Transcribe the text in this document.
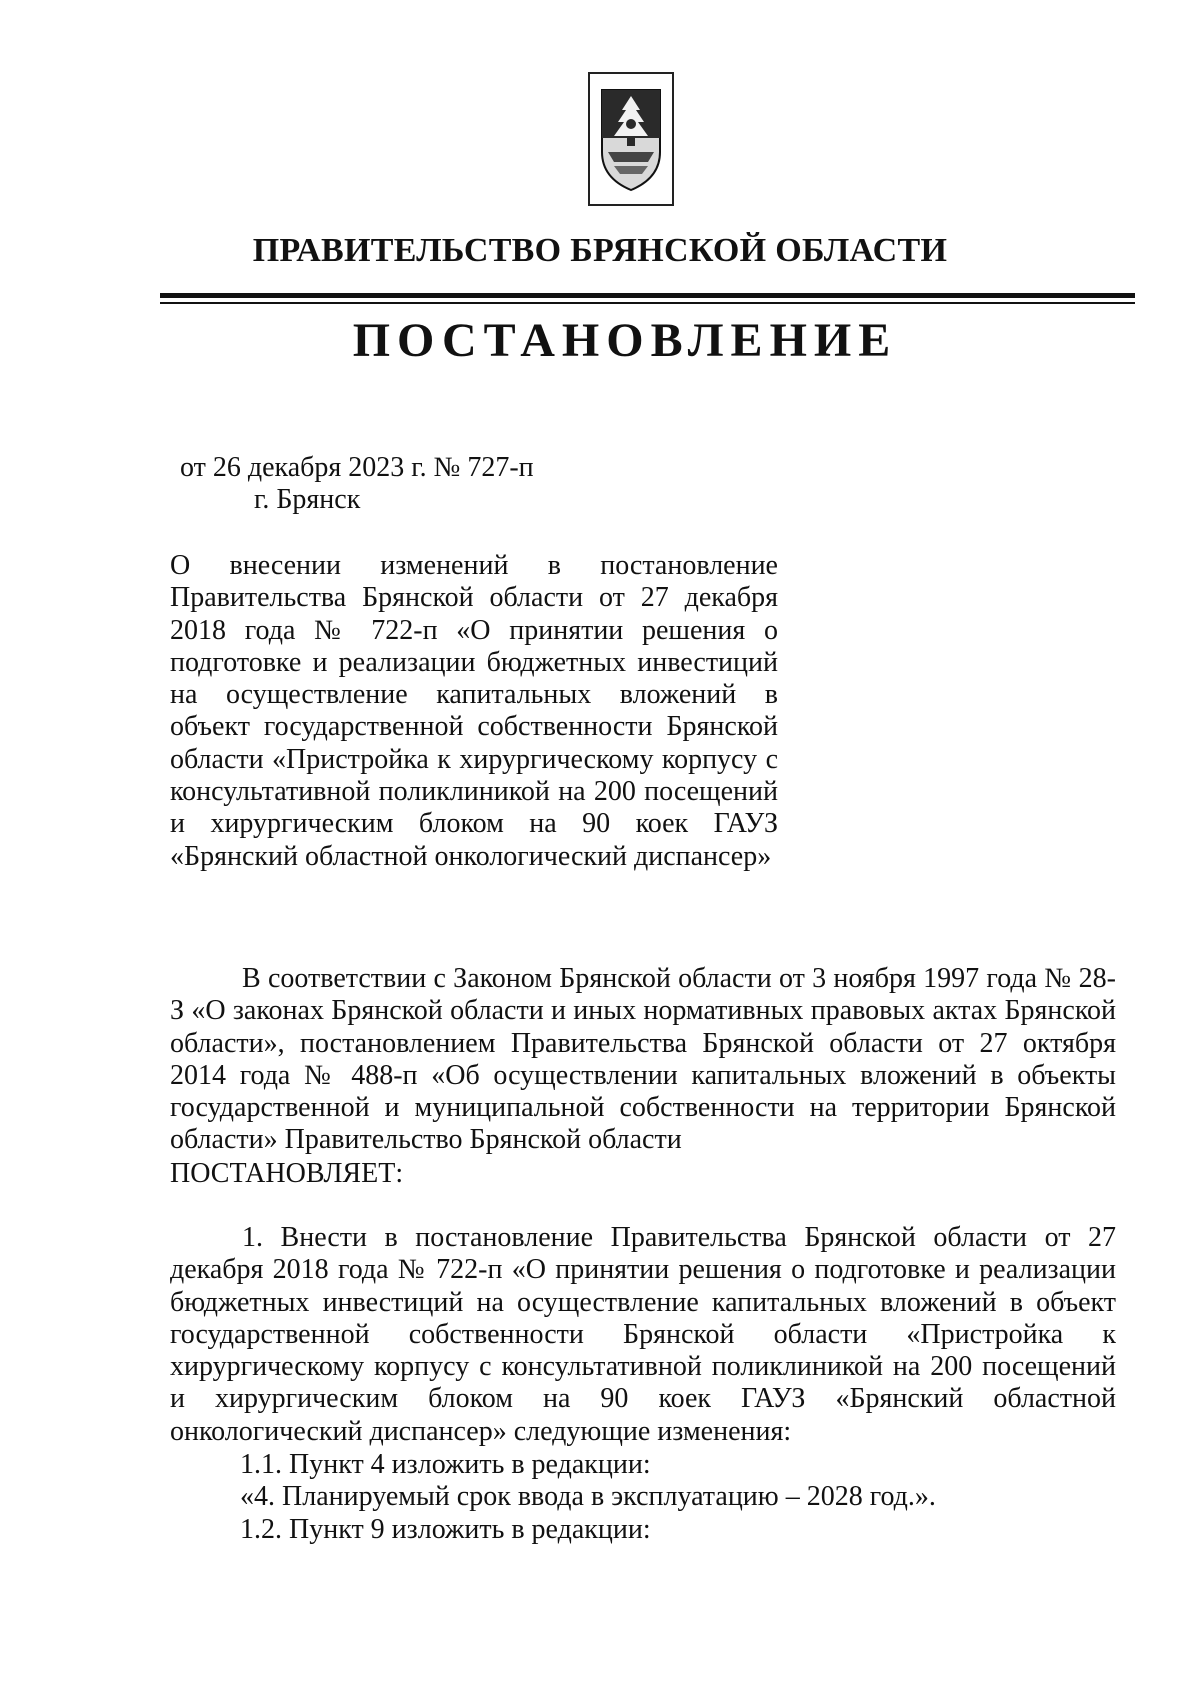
ПРАВИТЕЛЬСТВО БРЯНСКОЙ ОБЛАСТИ
ПОСТАНОВЛЕНИЕ
от 26 декабря 2023 г. № 727-п
г. Брянск

О внесении изменений в постановление Правительства Брянской области от 27 декабря 2018 года № 722-п «О принятии решения о подготовке и реализации бюджетных инвестиций на осуществление капитальных вложений в объект государственной собственности Брянской области «Пристройка к хирургическому корпусу с консультативной поликлиникой на 200 посещений и хирургическим блоком на 90 коек ГАУЗ «Брянский областной онкологический диспансер»

В соответствии с Законом Брянской области от 3 ноября 1997 года № 28-З «О законах Брянской области и иных нормативных правовых актах Брянской области», постановлением Правительства Брянской области от 27 октября 2014 года № 488-п «Об осуществлении капитальных вложений в объекты государственной и муниципальной собственности на территории Брянской области» Правительство Брянской области

ПОСТАНОВЛЯЕТ:

1. Внести в постановление Правительства Брянской области от 27 декабря 2018 года № 722-п «О принятии решения о подготовке и реализации бюджетных инвестиций на осуществление капитальных вложений в объект государственной собственности Брянской области «Пристройка к хирургическому корпусу с консультативной поликлиникой на 200 посещений и хирургическим блоком на 90 коек ГАУЗ «Брянский областной онкологический диспансер» следующие изменения:

1.1. Пункт 4 изложить в редакции:

«4. Планируемый срок ввода в эксплуатацию – 2028 год.».

1.2. Пункт 9 изложить в редакции:
